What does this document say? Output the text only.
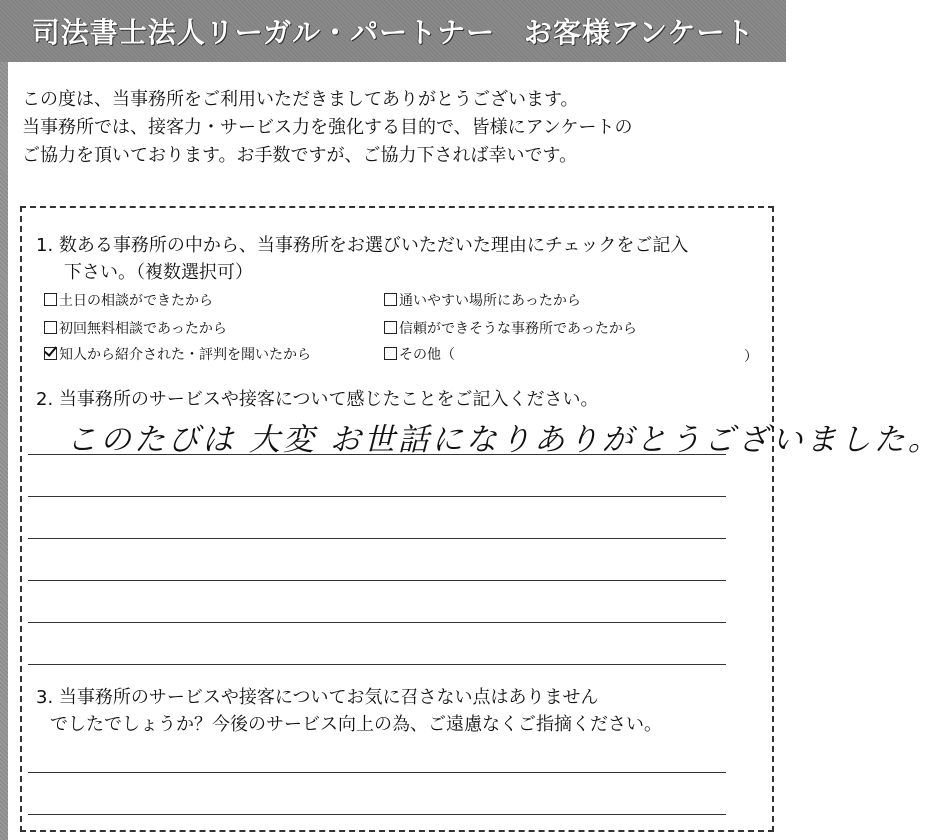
司法書士法人リーガル・パートナー　お客様アンケート

この度は、当事務所をご利用いただきましてありがとうございます。

当事務所では、接客力・サービス力を強化する目的で、皆様にアンケートの

ご協力を頂いております。お手数ですが、ご協力下されば幸いです。

1. 数ある事務所の中から、当事務所をお選びいただいた理由にチェックをご記入
下さい。（複数選択可）
土日の相談ができたから	通いやすい場所にあったから
初回無料相談であったから	信頼ができそうな事務所であったから
知人から紹介された・評判を聞いたから	その他（	）
2. 当事務所のサービスや接客について感じたことをご記入ください。
このたびは 大変 お世話になりありがとうございました。
3. 当事務所のサービスや接客についてお気に召さない点はありません
でしたでしょうか？今後のサービス向上の為、ご遠慮なくご指摘ください。
